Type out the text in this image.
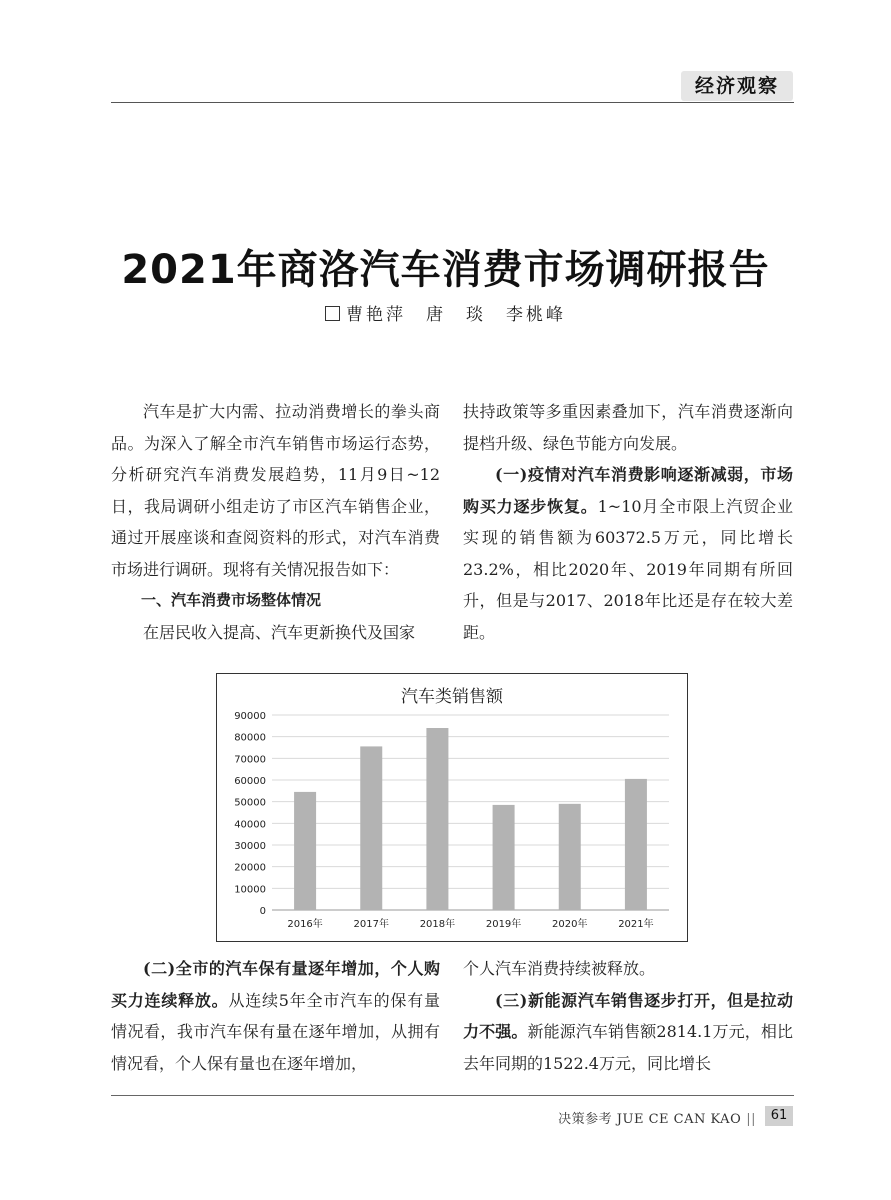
经济观察
2021年商洛汽车消费市场调研报告
曹艳萍　唐　琰　李桃峰

汽车是扩大内需、拉动消费增长的拳头商品。为深入了解全市汽车销售市场运行态势，分析研究汽车消费发展趋势，11月9日~12日，我局调研小组走访了市区汽车销售企业，通过开展座谈和查阅资料的形式，对汽车消费市场进行调研。现将有关情况报告如下：

一、汽车消费市场整体情况

在居民收入提高、汽车更新换代及国家

扶持政策等多重因素叠加下，汽车消费逐渐向提档升级、绿色节能方向发展。

(一)疫情对汽车消费影响逐渐减弱，市场购买力逐步恢复。1~10月全市限上汽贸企业实现的销售额为60372.5万元，同比增长23.2%，相比2020年、2019年同期有所回升，但是与2017、2018年比还是存在较大差距。

汽车类销售额
0
10000
20000
30000
40000
50000
60000
70000
80000
90000
2016年	2017年	2018年	2019年	2020年	2021年

(二)全市的汽车保有量逐年增加，个人购买力连续释放。从连续5年全市汽车的保有量情况看，我市汽车保有量在逐年增加，从拥有情况看，个人保有量也在逐年增加，

个人汽车消费持续被释放。

(三)新能源汽车销售逐步打开，但是拉动力不强。新能源汽车销售额2814.1万元，相比去年同期的1522.4万元，同比增长

决策参考 JUE CE CAN KAO ||	61
